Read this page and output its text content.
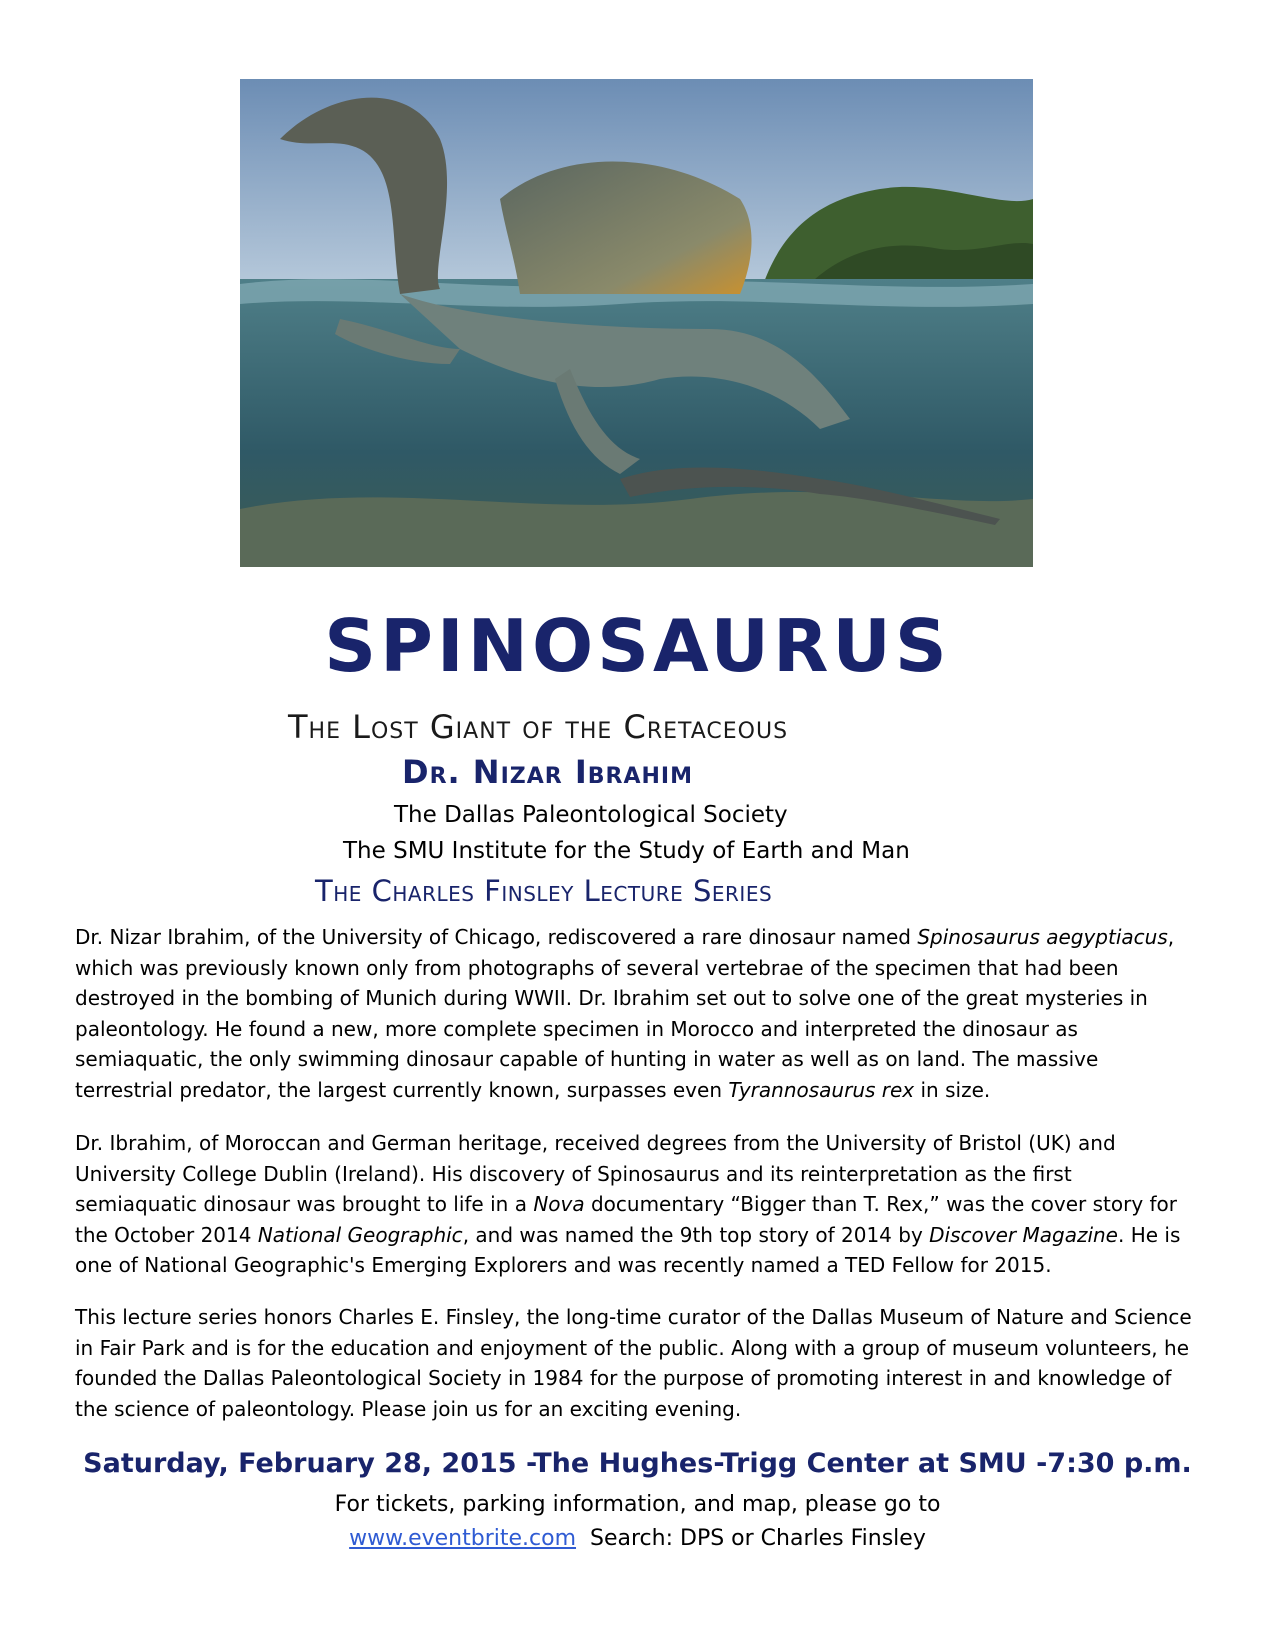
SPINOSAURUS
The Lost Giant of the Cretaceous
Dr. Nizar Ibrahim
The Dallas Paleontological Society
The SMU Institute for the Study of Earth and Man
The Charles Finsley Lecture Series

Dr. Nizar Ibrahim, of the University of Chicago, rediscovered a rare dinosaur named Spinosaurus aegyptiacus, which was previously known only from photographs of several vertebrae of the specimen that had been destroyed in the bombing of Munich during WWII. Dr. Ibrahim set out to solve one of the great mysteries in paleontology. He found a new, more complete specimen in Morocco and interpreted the dinosaur as semiaquatic, the only swimming dinosaur capable of hunting in water as well as on land. The massive terrestrial predator, the largest currently known, surpasses even Tyrannosaurus rex in size.

Dr. Ibrahim, of Moroccan and German heritage, received degrees from the University of Bristol (UK) and University College Dublin (Ireland). His discovery of Spinosaurus and its reinterpretation as the first semiaquatic dinosaur was brought to life in a Nova documentary “Bigger than T. Rex,” was the cover story for the October 2014 National Geographic, and was named the 9th top story of 2014 by Discover Magazine. He is one of National Geographic's Emerging Explorers and was recently named a TED Fellow for 2015.

This lecture series honors Charles E. Finsley, the long-time curator of the Dallas Museum of Nature and Science in Fair Park and is for the education and enjoyment of the public. Along with a group of museum volunteers, he founded the Dallas Paleontological Society in 1984 for the purpose of promoting interest in and knowledge of the science of paleontology. Please join us for an exciting evening.

Saturday, February 28, 2015 -The Hughes-Trigg Center at SMU -7:30 p.m.
For tickets, parking information, and map, please go to
www.eventbrite.com Search: DPS or Charles Finsley
